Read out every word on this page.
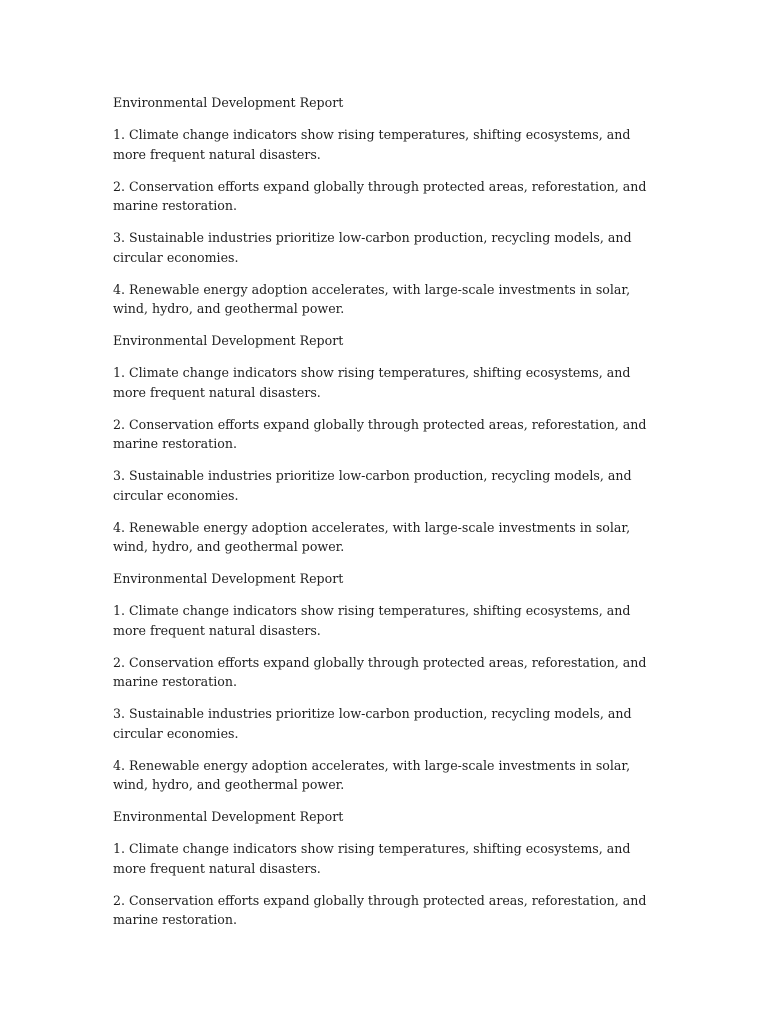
Environmental Development Report

1. Climate change indicators show rising temperatures, shifting ecosystems, and more frequent natural disasters.

2. Conservation efforts expand globally through protected areas, reforestation, and marine restoration.

3. Sustainable industries prioritize low-carbon production, recycling models, and circular economies.

4. Renewable energy adoption accelerates, with large-scale investments in solar, wind, hydro, and geothermal power.

Environmental Development Report

1. Climate change indicators show rising temperatures, shifting ecosystems, and more frequent natural disasters.

2. Conservation efforts expand globally through protected areas, reforestation, and marine restoration.

3. Sustainable industries prioritize low-carbon production, recycling models, and circular economies.

4. Renewable energy adoption accelerates, with large-scale investments in solar, wind, hydro, and geothermal power.

Environmental Development Report

1. Climate change indicators show rising temperatures, shifting ecosystems, and more frequent natural disasters.

2. Conservation efforts expand globally through protected areas, reforestation, and marine restoration.

3. Sustainable industries prioritize low-carbon production, recycling models, and circular economies.

4. Renewable energy adoption accelerates, with large-scale investments in solar, wind, hydro, and geothermal power.

Environmental Development Report

1. Climate change indicators show rising temperatures, shifting ecosystems, and more frequent natural disasters.

2. Conservation efforts expand globally through protected areas, reforestation, and marine restoration.
